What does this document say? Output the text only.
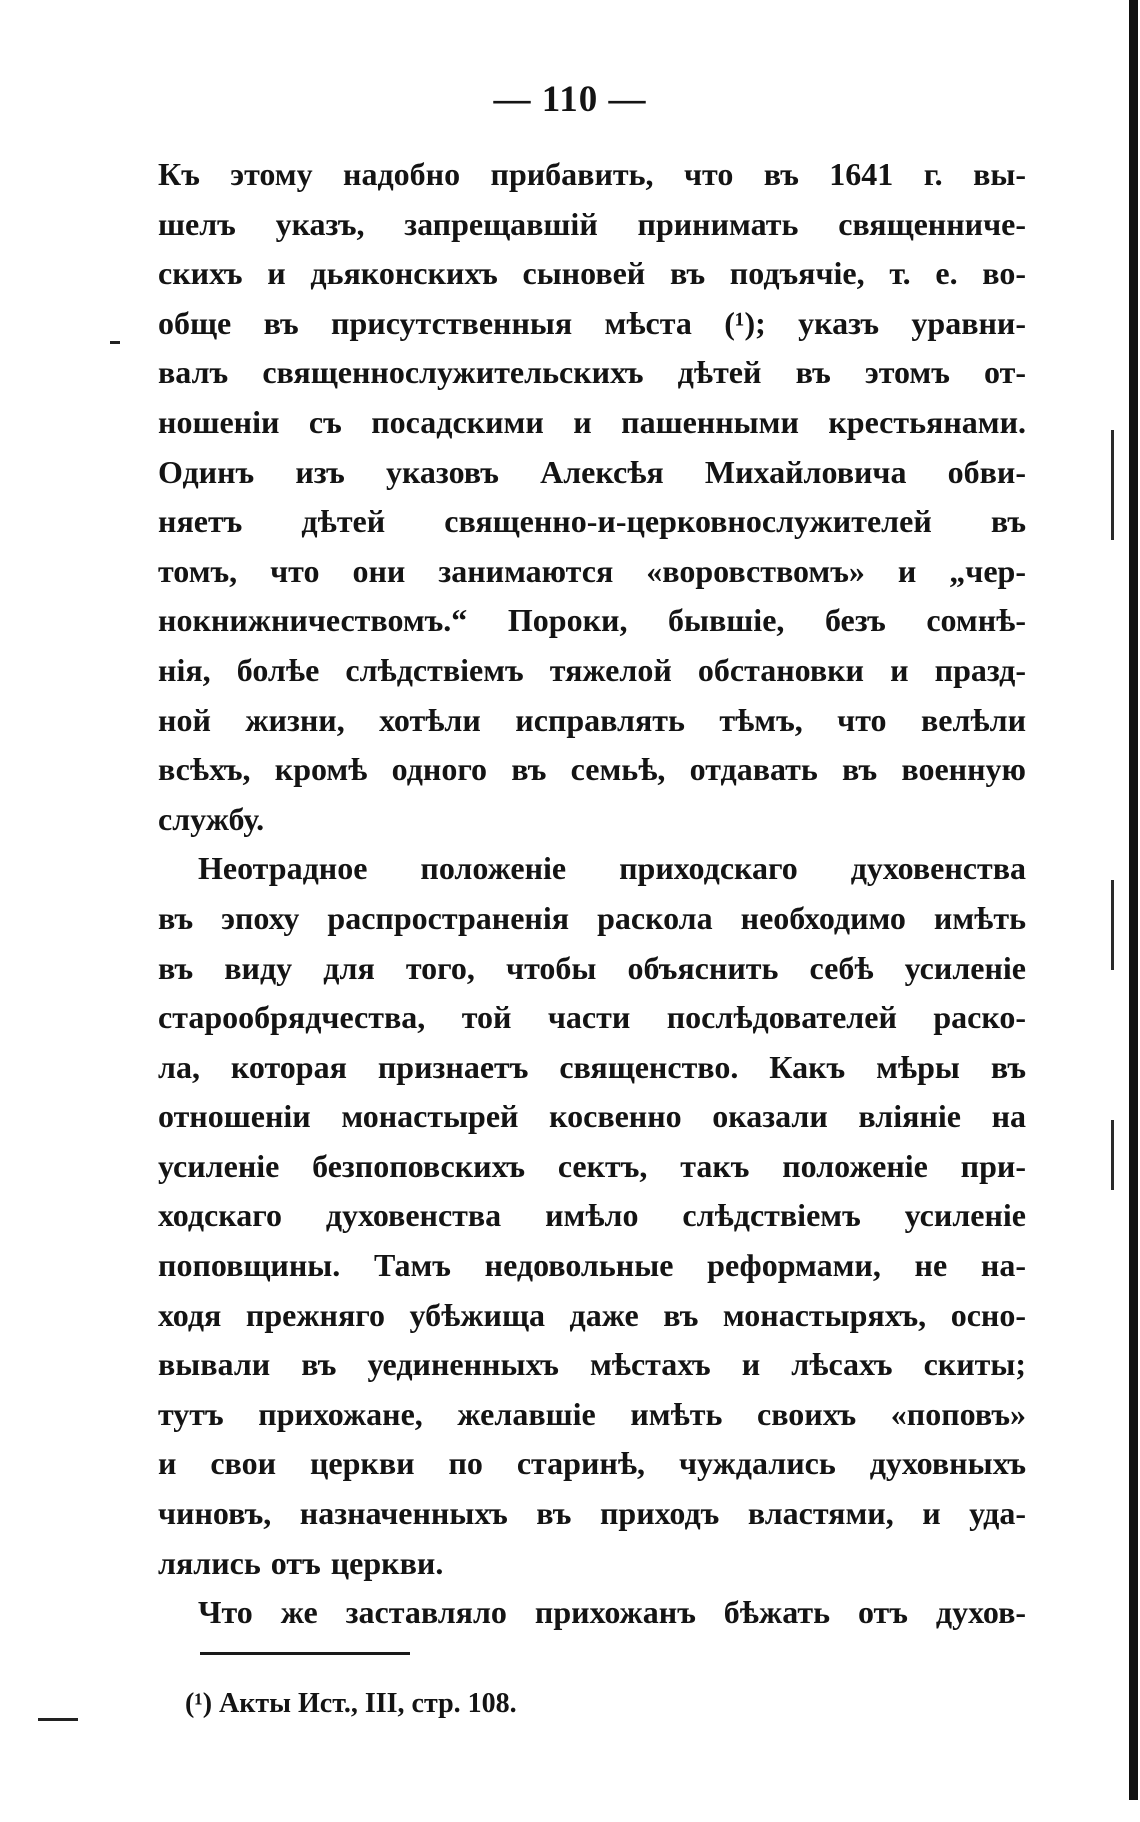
— 110 —
Къ этому надобно прибавить, что въ 1641 г. вы-
шелъ указъ, запрещавшій принимать священниче-
скихъ и дьяконскихъ сыновей въ подъячіе, т. е. во-
обще въ присутственныя мѣста (¹); указъ уравни-
валъ священнослужительскихъ дѣтей въ этомъ от-
ношеніи съ посадскими и пашенными крестьянами.
Одинъ изъ указовъ Алексѣя Михайловича обви-
няетъ дѣтей священно-и-церковнослужителей въ
томъ, что они занимаются «воровствомъ» и „чер-
нокнижничествомъ.“ Пороки, бывшіе, безъ сомнѣ-
нія, болѣе слѣдствіемъ тяжелой обстановки и празд-
ной жизни, хотѣли исправлять тѣмъ, что велѣли
всѣхъ, кромѣ одного въ семьѣ, отдавать въ военную
службу.
Неотрадное положеніе приходскаго духовенства
въ эпоху распространенія раскола необходимо имѣть
въ виду для того, чтобы объяснить себѣ усиленіе
старообрядчества, той части послѣдователей раско-
ла, которая признаетъ священство. Какъ мѣры въ
отношеніи монастырей косвенно оказали вліяніе на
усиленіе безпоповскихъ сектъ, такъ положеніе при-
ходскаго духовенства имѣло слѣдствіемъ усиленіе
поповщины. Тамъ недовольные реформами, не на-
ходя прежняго убѣжища даже въ монастыряхъ, осно-
вывали въ уединенныхъ мѣстахъ и лѣсахъ скиты;
тутъ прихожане, желавшіе имѣть своихъ «поповъ»
и свои церкви по старинѣ, чуждались духовныхъ
чиновъ, назначенныхъ въ приходъ властями, и уда-
лялись отъ церкви.
Что же заставляло прихожанъ бѣжать отъ духов-
(¹) Акты Ист., III, стр. 108.
